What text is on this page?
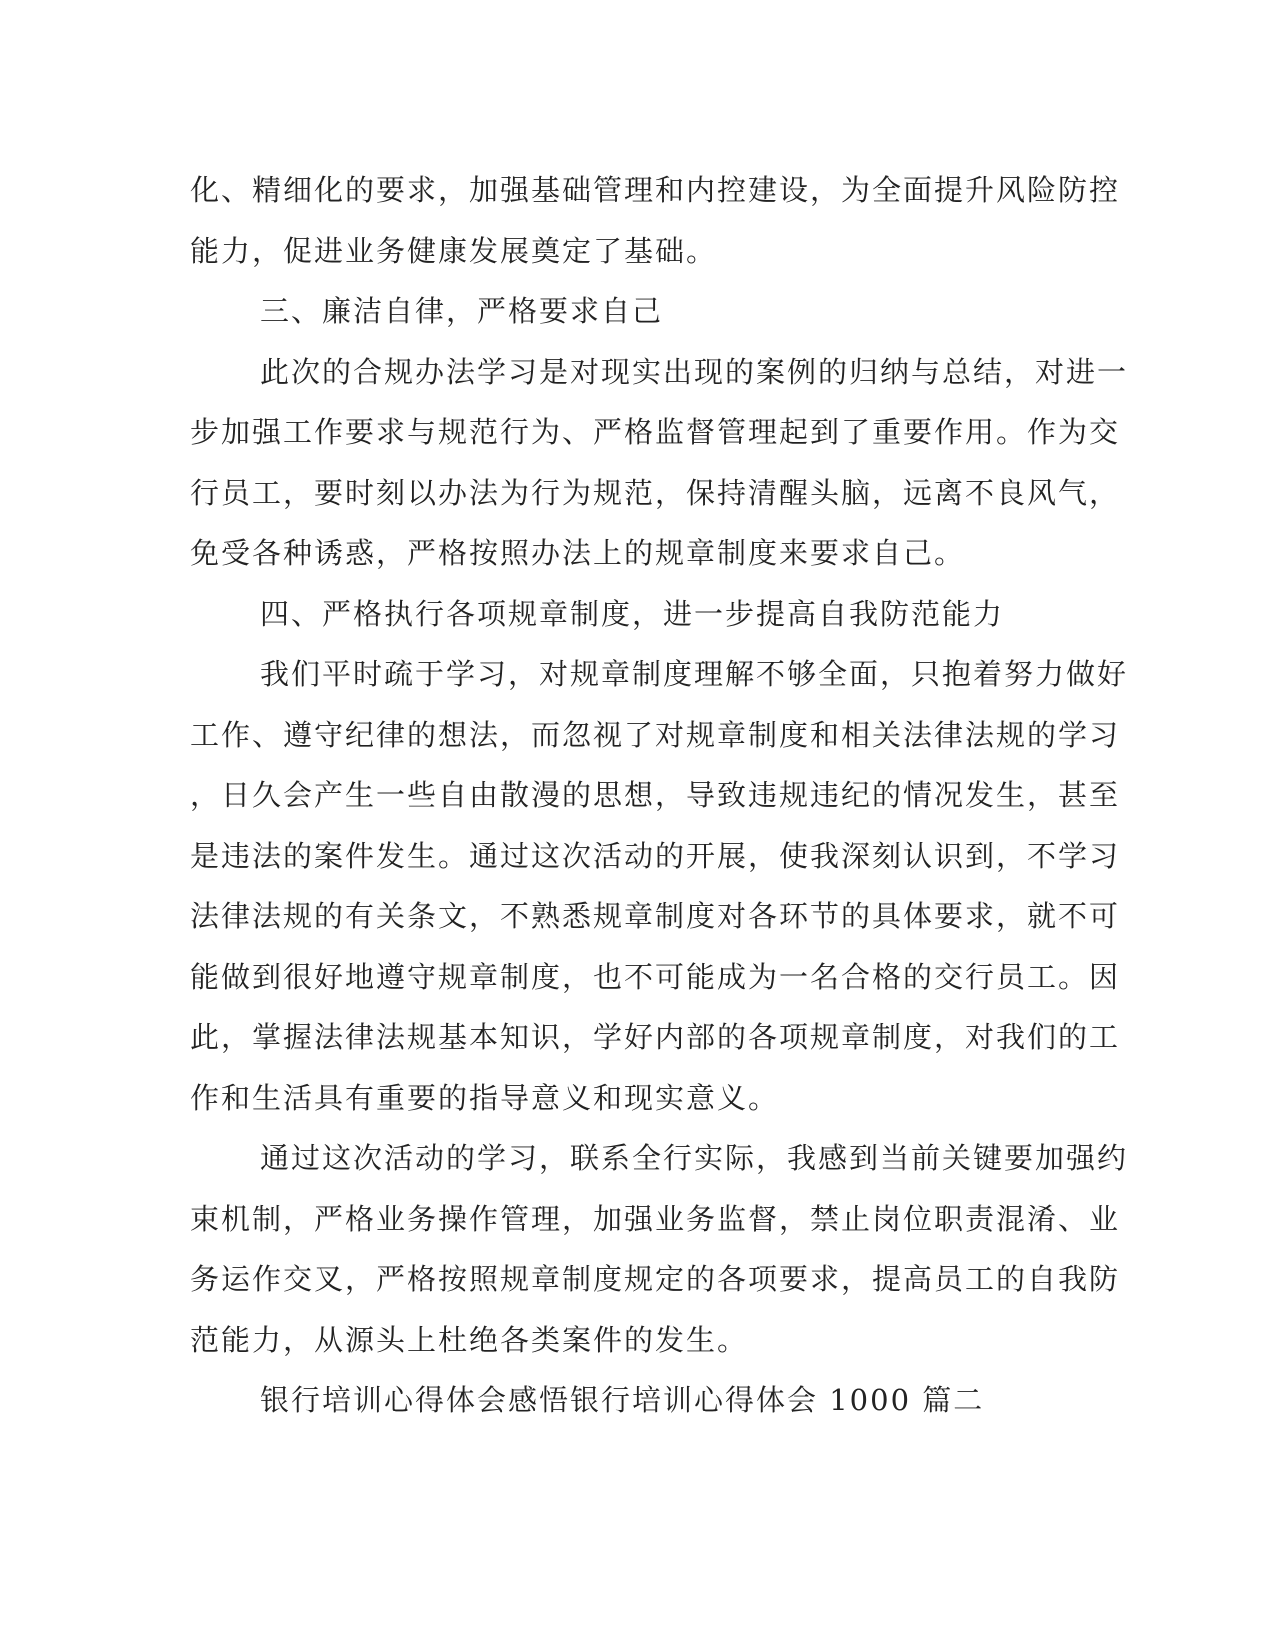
化、精细化的要求，加强基础管理和内控建设，为全面提升风险防控
能力，促进业务健康发展奠定了基础。
三、廉洁自律，严格要求自己
此次的合规办法学习是对现实出现的案例的归纳与总结，对进一
步加强工作要求与规范行为、严格监督管理起到了重要作用。作为交
行员工，要时刻以办法为行为规范，保持清醒头脑，远离不良风气，
免受各种诱惑，严格按照办法上的规章制度来要求自己。
四、严格执行各项规章制度，进一步提高自我防范能力
我们平时疏于学习，对规章制度理解不够全面，只抱着努力做好
工作、遵守纪律的想法，而忽视了对规章制度和相关法律法规的学习
，日久会产生一些自由散漫的思想，导致违规违纪的情况发生，甚至
是违法的案件发生。通过这次活动的开展，使我深刻认识到，不学习
法律法规的有关条文，不熟悉规章制度对各环节的具体要求，就不可
能做到很好地遵守规章制度，也不可能成为一名合格的交行员工。因
此，掌握法律法规基本知识，学好内部的各项规章制度，对我们的工
作和生活具有重要的指导意义和现实意义。
通过这次活动的学习，联系全行实际，我感到当前关键要加强约
束机制，严格业务操作管理，加强业务监督，禁止岗位职责混淆、业
务运作交叉，严格按照规章制度规定的各项要求，提高员工的自我防
范能力，从源头上杜绝各类案件的发生。
银行培训心得体会感悟银行培训心得体会 1000 篇二
